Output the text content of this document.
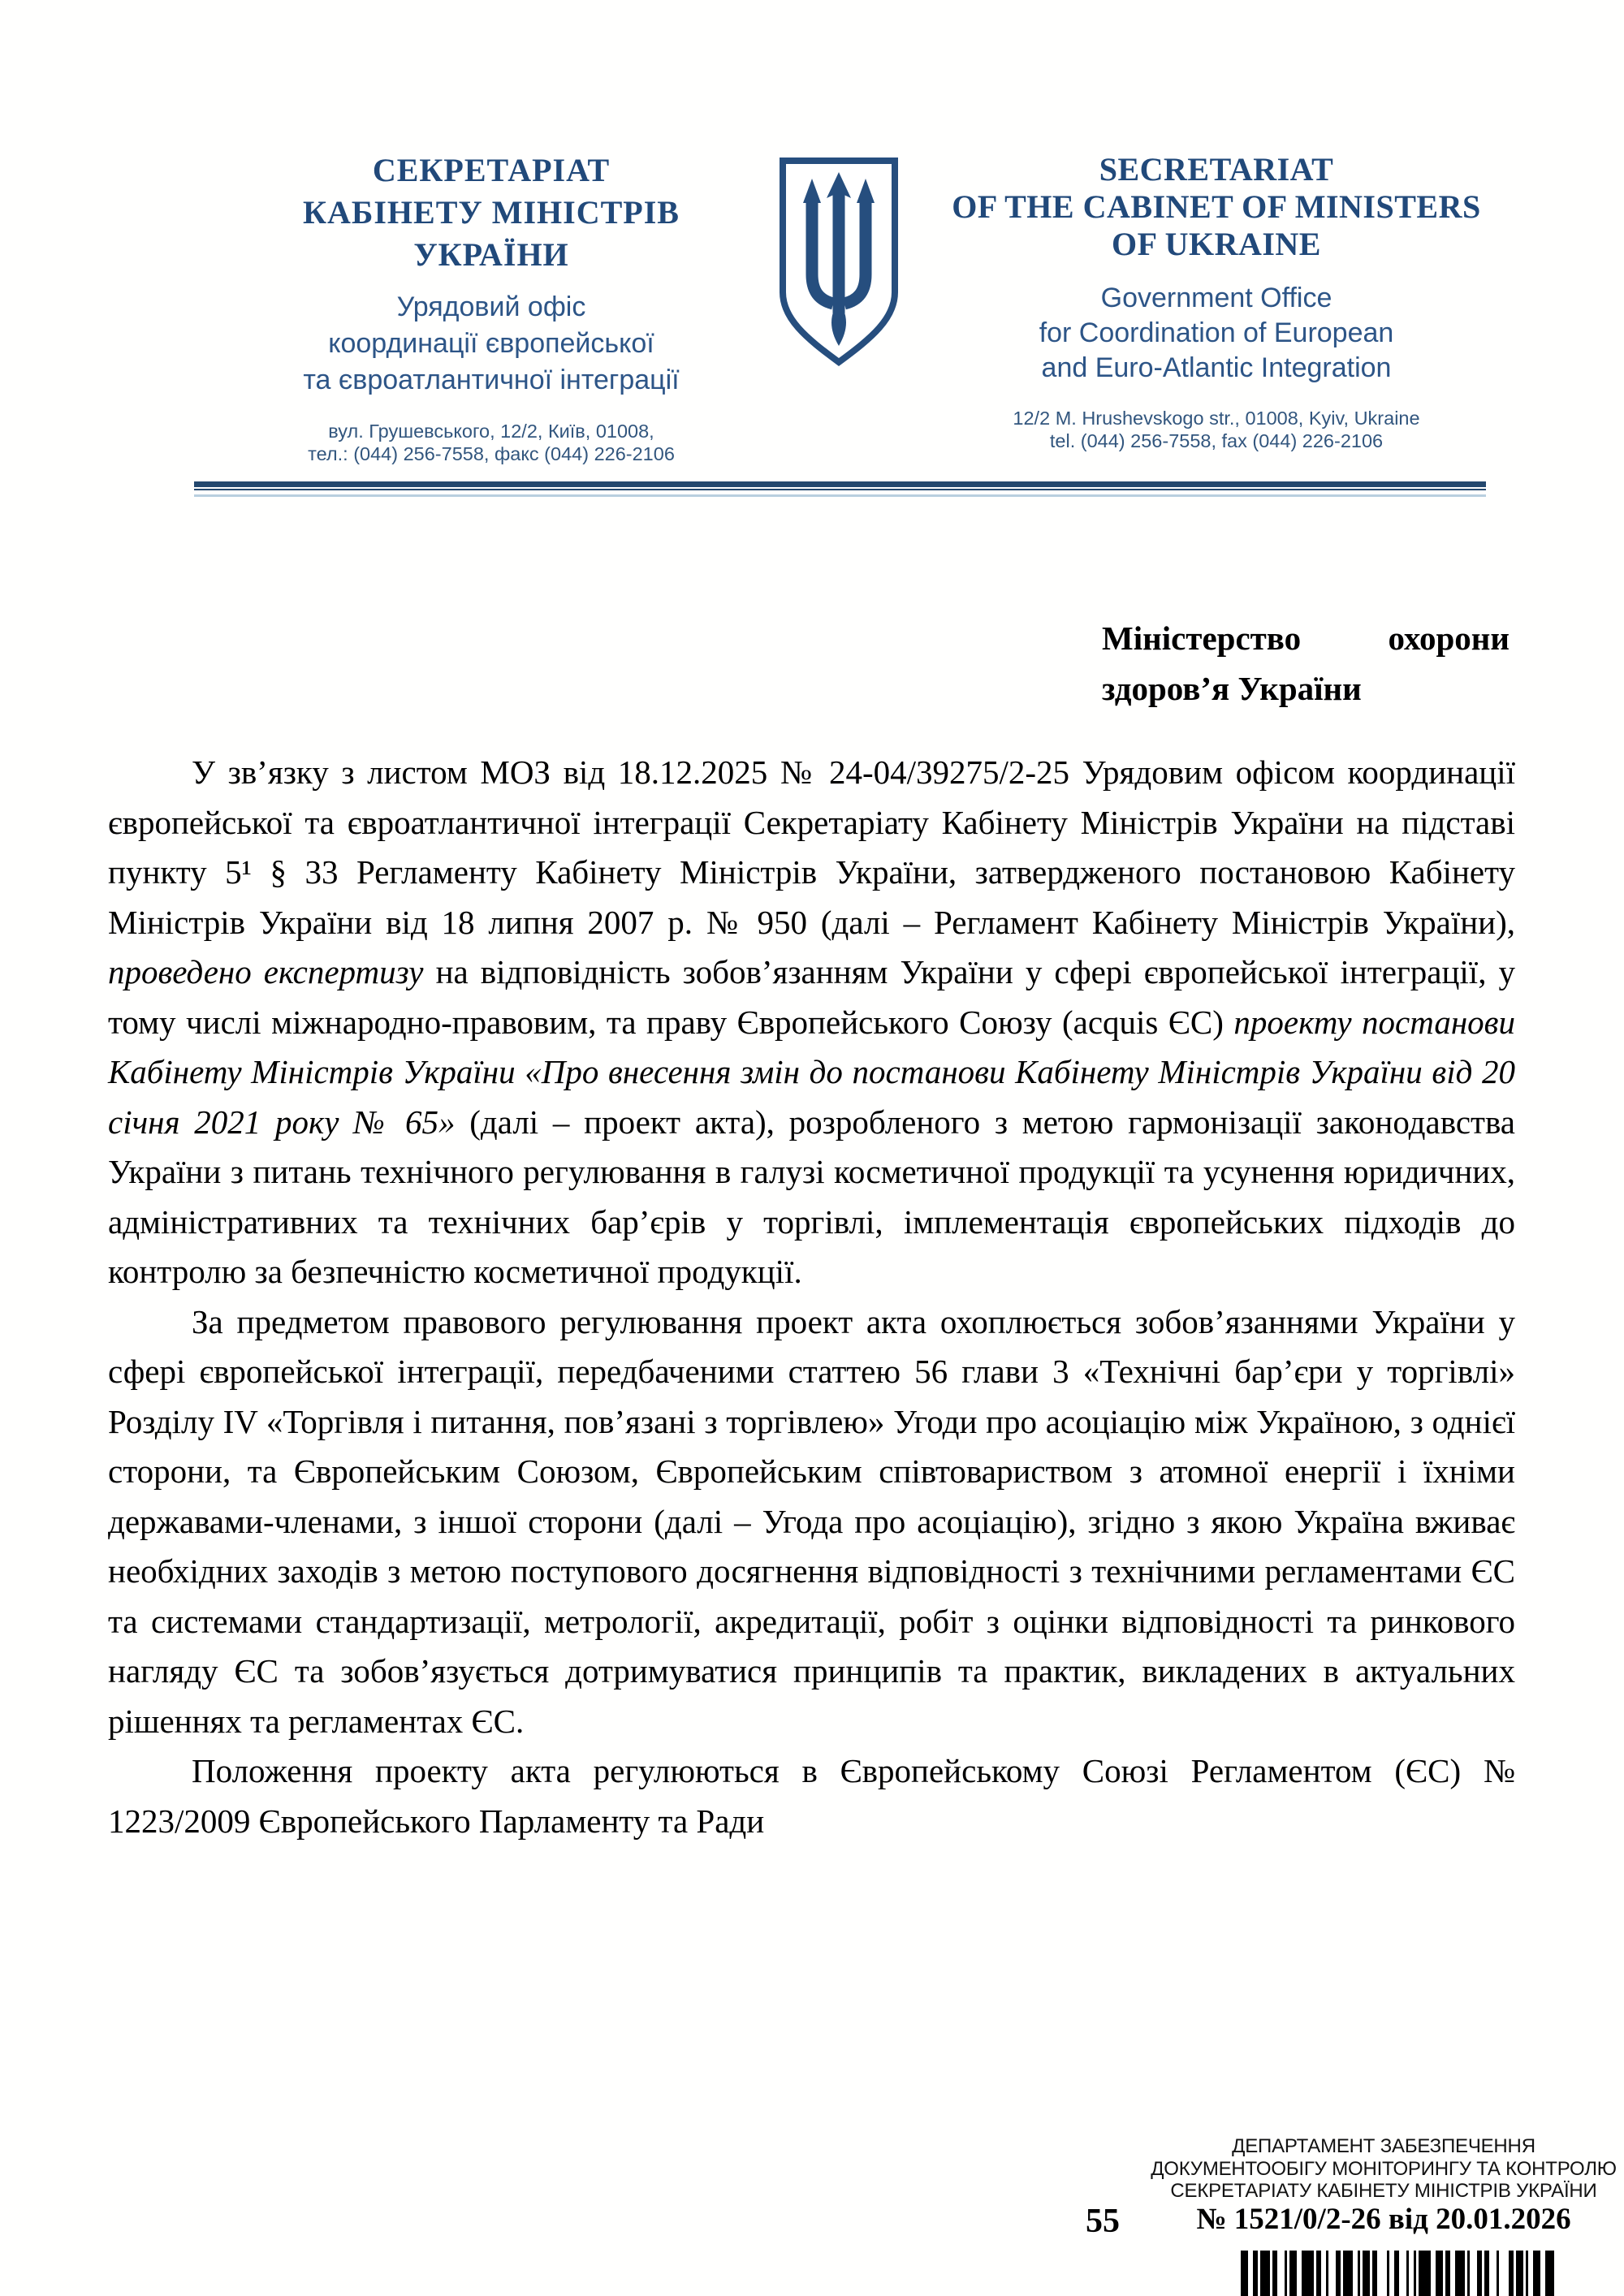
СЕКРЕТАРІАТ
КАБІНЕТУ МІНІСТРІВ
УКРАЇНИ
Урядовий офіс
координації європейської
та євроатлантичної інтеграції
вул. Грушевського, 12/2, Київ, 01008,
тел.: (044) 256-7558, факс (044) 226-2106
SECRETARIAT
OF THE CABINET OF MINISTERS
OF UKRAINE
Government Office
for Coordination of European
and Euro-Atlantic Integration
12/2 M. Hrushevskogo str., 01008, Kyiv, Ukraine
tel. (044) 256-7558, fax (044) 226-2106
Міністерство охорони
здоров’я України

У зв’язку з листом МОЗ від 18.12.2025 № 24-04/39275/2-25 Урядовим офісом координації європейської та євроатлантичної інтеграції Секретаріату Кабінету Міністрів України на підставі пункту 5¹ § 33 Регламенту Кабінету Міністрів України, затвердженого постановою Кабінету Міністрів України від 18 липня 2007 р. № 950 (далі – Регламент Кабінету Міністрів України), проведено експертизу на відповідність зобов’язанням України у сфері європейської інтеграції, у тому числі міжнародно-правовим, та праву Європейського Союзу (acquis ЄС) проекту постанови Кабінету Міністрів України «Про внесення змін до постанови Кабінету Міністрів України від 20 січня 2021 року № 65» (далі – проект акта), розробленого з метою гармонізації законодавства України з питань технічного регулювання в галузі косметичної продукції та усунення юридичних, адміністративних та технічних бар’єрів у торгівлі, імплементація європейських підходів до контролю за безпечністю косметичної продукції.

За предметом правового регулювання проект акта охоплюється зобов’язаннями України у сфері європейської інтеграції, передбаченими статтею 56 глави 3 «Технічні бар’єри у торгівлі» Розділу IV «Торгівля і питання, пов’язані з торгівлею» Угоди про асоціацію між Україною, з однієї сторони, та Європейським Союзом, Європейським співтовариством з атомної енергії і їхніми державами-членами, з іншої сторони (далі – Угода про асоціацію), згідно з якою Україна вживає необхідних заходів з метою поступового досягнення відповідності з технічними регламентами ЄС та системами стандартизації, метрології, акредитації, робіт з оцінки відповідності та ринкового нагляду ЄС та зобов’язується дотримуватися принципів та практик, викладених в актуальних рішеннях та регламентах ЄС.

Положення проекту акта регулюються в Європейському Союзі Регламентом (ЄС) № 1223/2009 Європейського Парламенту та Ради

55
ДЕПАРТАМЕНТ ЗАБЕЗПЕЧЕННЯ
ДОКУМЕНТООБІГУ МОНІТОРИНГУ ТА КОНТРОЛЮ
СЕКРЕТАРІАТУ КАБІНЕТУ МІНІСТРІВ УКРАЇНИ
№ 1521/0/2-26 від 20.01.2026
